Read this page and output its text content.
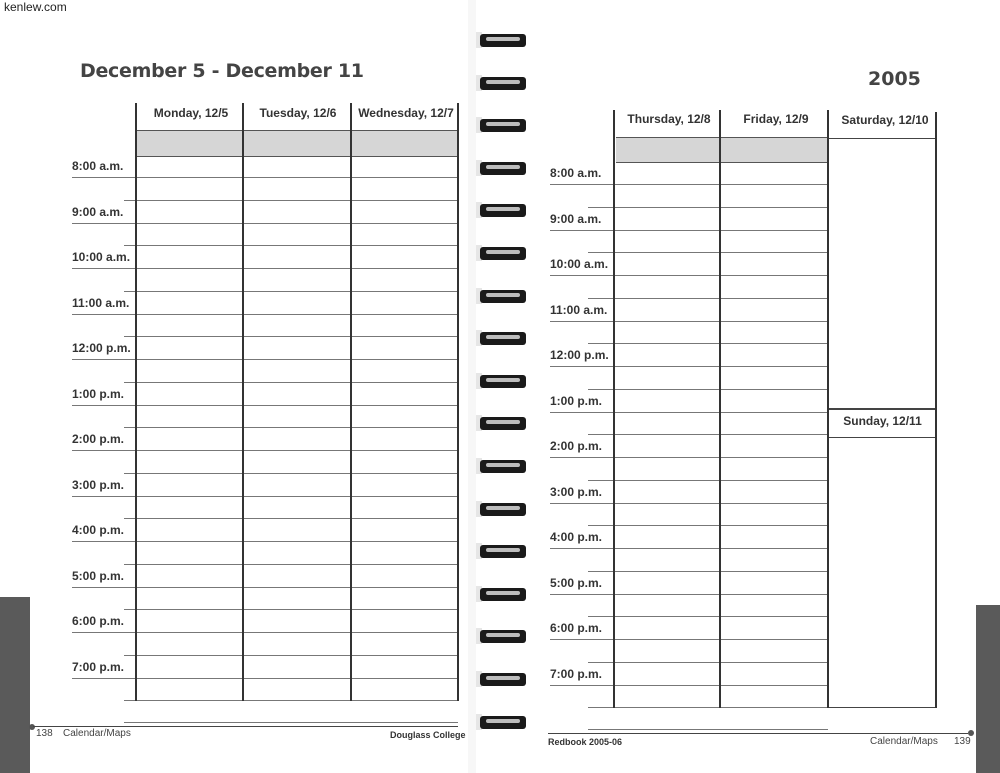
kenlew.com
December 5 - December 11
Monday, 12/5	Tuesday, 12/6	Wednesday, 12/7
8:00 a.m.
9:00 a.m.
10:00 a.m.
11:00 a.m.
12:00 p.m.
1:00 p.m.
2:00 p.m.
3:00 p.m.
4:00 p.m.
5:00 p.m.
6:00 p.m.
7:00 p.m.
138 Calendar/Maps	Douglass College
2005
Thursday, 12/8	Friday, 12/9	Saturday, 12/10
8:00 a.m.
9:00 a.m.
10:00 a.m.
11:00 a.m.
12:00 p.m.
1:00 p.m.
2:00 p.m.
3:00 p.m.
4:00 p.m.
5:00 p.m.
6:00 p.m.
7:00 p.m.
Sunday, 12/11
Redbook 2005-06	Calendar/Maps 139
